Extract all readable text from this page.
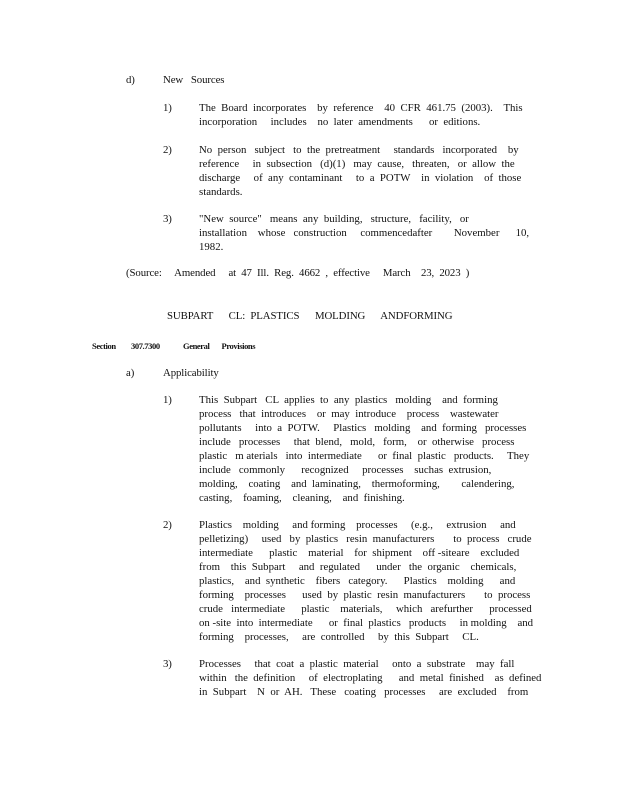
d)	New   Sources
1)	The  Board  incorporates    by  reference    40  CFR  461.75  (2003).    This
incorporation     includes    no  later  amendments      or  editions.
2)	No  person   subject   to  the  pretreatment     standards   incorporated    by
reference     in  subsection   (d)(1)   may  cause,   threaten,   or  allow  the
discharge     of  any  contaminant     to  a  POTW    in  violation    of  those
standards.
3)	"New  source"   means  any  building,   structure,   facility,   or
installation    whose   construction     commencedafter        November      10,
1982.
(Source:     Amended     at  47  Ill.  Reg.  4662  ,  effective     March    23,  2023  )
SUBPART      CL:  PLASTICS      MOLDING      ANDFORMING
Section 307.7300	General       Provisions
a)	Applicability
1)	This  Subpart   CL  applies  to  any  plastics   molding    and  forming
process   that  introduces    or  may  introduce    process    wastewater
pollutants     into  a  POTW.     Plastics   molding    and  forming   processes
include   processes     that  blend,   mold,   form,    or  otherwise   process
plastic   m aterials   into  intermediate      or  final  plastic   products.     They
include   commonly      recognized     processes    suchas  extrusion,
molding,    coating    and  laminating,    thermoforming,        calendering,
casting,    foaming,    cleaning,    and  finishing.
2)	Plastics    molding     and forming    processes     (e.g.,     extrusion     and
pelletizing)     used   by  plastics   resin  manufacturers       to  process   crude
intermediate      plastic    material    for  shipment    off -siteare    excluded
from    this  Subpart     and  regulated      under   the  organic    chemicals,
plastics,    and  synthetic    fibers   category.      Plastics    molding      and
forming    processes      used  by  plastic  resin  manufacturers       to  process
crude   intermediate      plastic    materials,     which   arefurther      processed
on -site  into  intermediate      or  final  plastics   products     in molding    and
forming    processes,     are  controlled     by  this  Subpart     CL.
3)	Processes     that  coat  a  plastic  material     onto  a  substrate    may  fall
within   the  definition     of  electroplating      and  metal  finished    as  defined
in  Subpart    N  or  AH.   These   coating   processes     are  excluded    from
